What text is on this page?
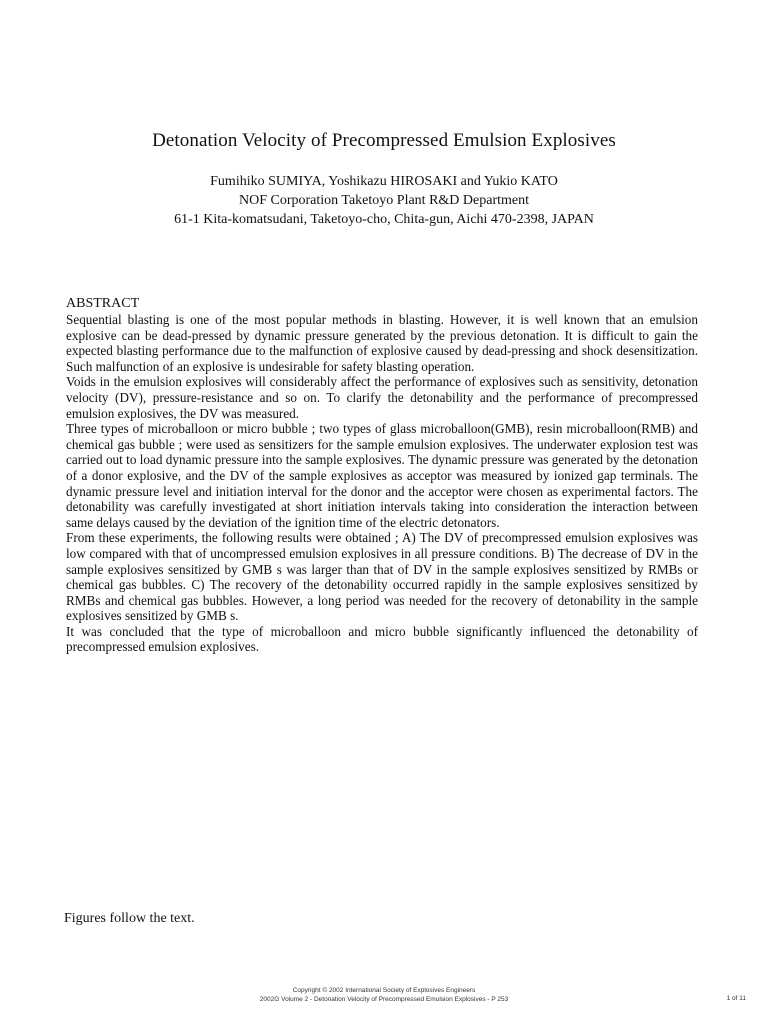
Detonation Velocity of Precompressed Emulsion Explosives
Fumihiko SUMIYA, Yoshikazu HIROSAKI and Yukio KATO
NOF Corporation Taketoyo Plant R&D Department
61-1 Kita-komatsudani, Taketoyo-cho, Chita-gun, Aichi 470-2398, JAPAN
ABSTRACT

Sequential blasting is one of the most popular methods in blasting. However, it is well known that an emulsion explosive can be dead-pressed by dynamic pressure generated by the previous detonation. It is difficult to gain the expected blasting performance due to the malfunction of explosive caused by dead-pressing and shock desensitization. Such malfunction of an explosive is undesirable for safety blasting operation.

Voids in the emulsion explosives will considerably affect the performance of explosives such as sensitivity, detonation velocity (DV), pressure-resistance and so on. To clarify the detonability and the performance of precompressed emulsion explosives, the DV was measured.

Three types of microballoon or micro bubble ; two types of glass microballoon(GMB), resin microballoon(RMB) and chemical gas bubble ; were used as sensitizers for the sample emulsion explosives. The underwater explosion test was carried out to load dynamic pressure into the sample explosives. The dynamic pressure was generated by the detonation of a donor explosive, and the DV of the sample explosives as acceptor was measured by ionized gap terminals. The dynamic pressure level and initiation interval for the donor and the acceptor were chosen as experimental factors. The detonability was carefully investigated at short initiation intervals taking into consideration the interaction between same delays caused by the deviation of the ignition time of the electric detonators.

From these experiments, the following results were obtained ; A) The DV of precompressed emulsion explosives was low compared with that of uncompressed emulsion explosives in all pressure conditions. B) The decrease of DV in the sample explosives sensitized by GMB s was larger than that of DV in the sample explosives sensitized by RMBs or chemical gas bubbles. C) The recovery of the detonability occurred rapidly in the sample explosives sensitized by RMBs and chemical gas bubbles. However, a long period was needed for the recovery of detonability in the sample explosives sensitized by GMB s.

It was concluded that the type of microballoon and micro bubble significantly influenced the detonability of precompressed emulsion explosives.

Figures follow the text.
Copyright © 2002 International Society of Explosives Engineers
2002G Volume 2 - Detonation Velocity of Precompressed Emulsion Explosives - P 253	1 of 11
